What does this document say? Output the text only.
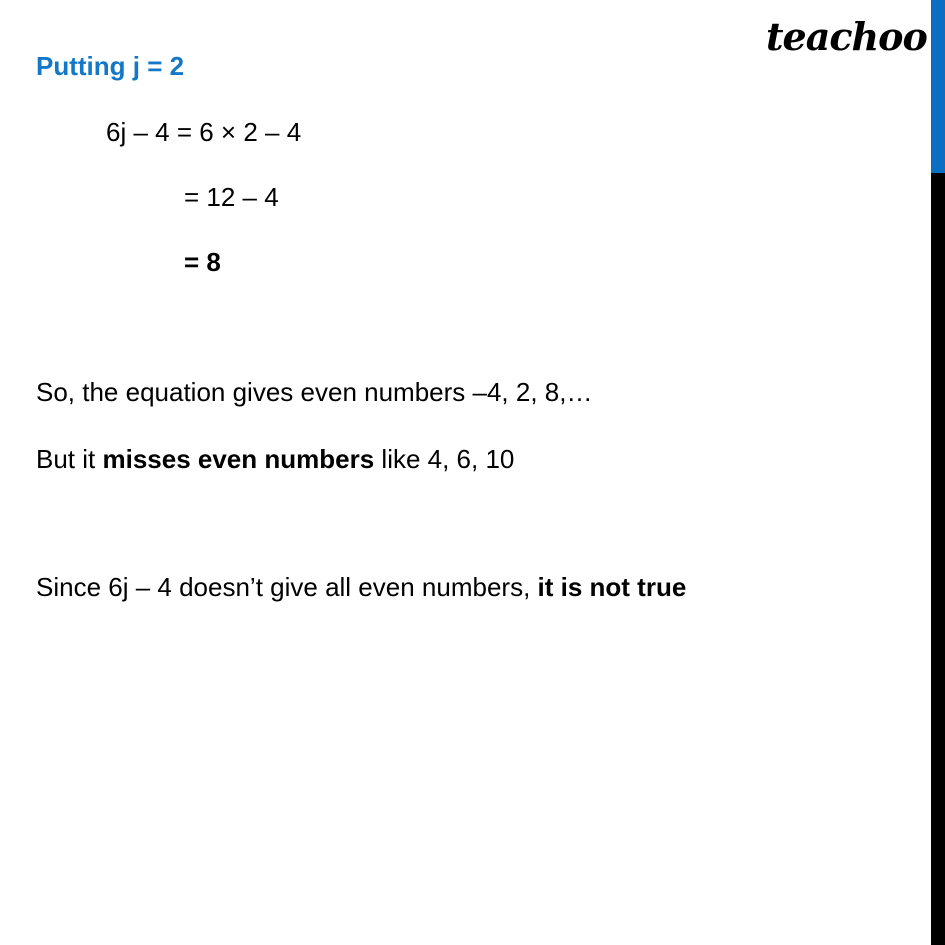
teachoo
Putting j = 2
6j – 4 = 6 × 2 – 4
= 12 – 4
= 8
So, the equation gives even numbers –4, 2, 8,…
But it misses even numbers like 4, 6, 10
Since 6j – 4 doesn’t give all even numbers, it is not true
